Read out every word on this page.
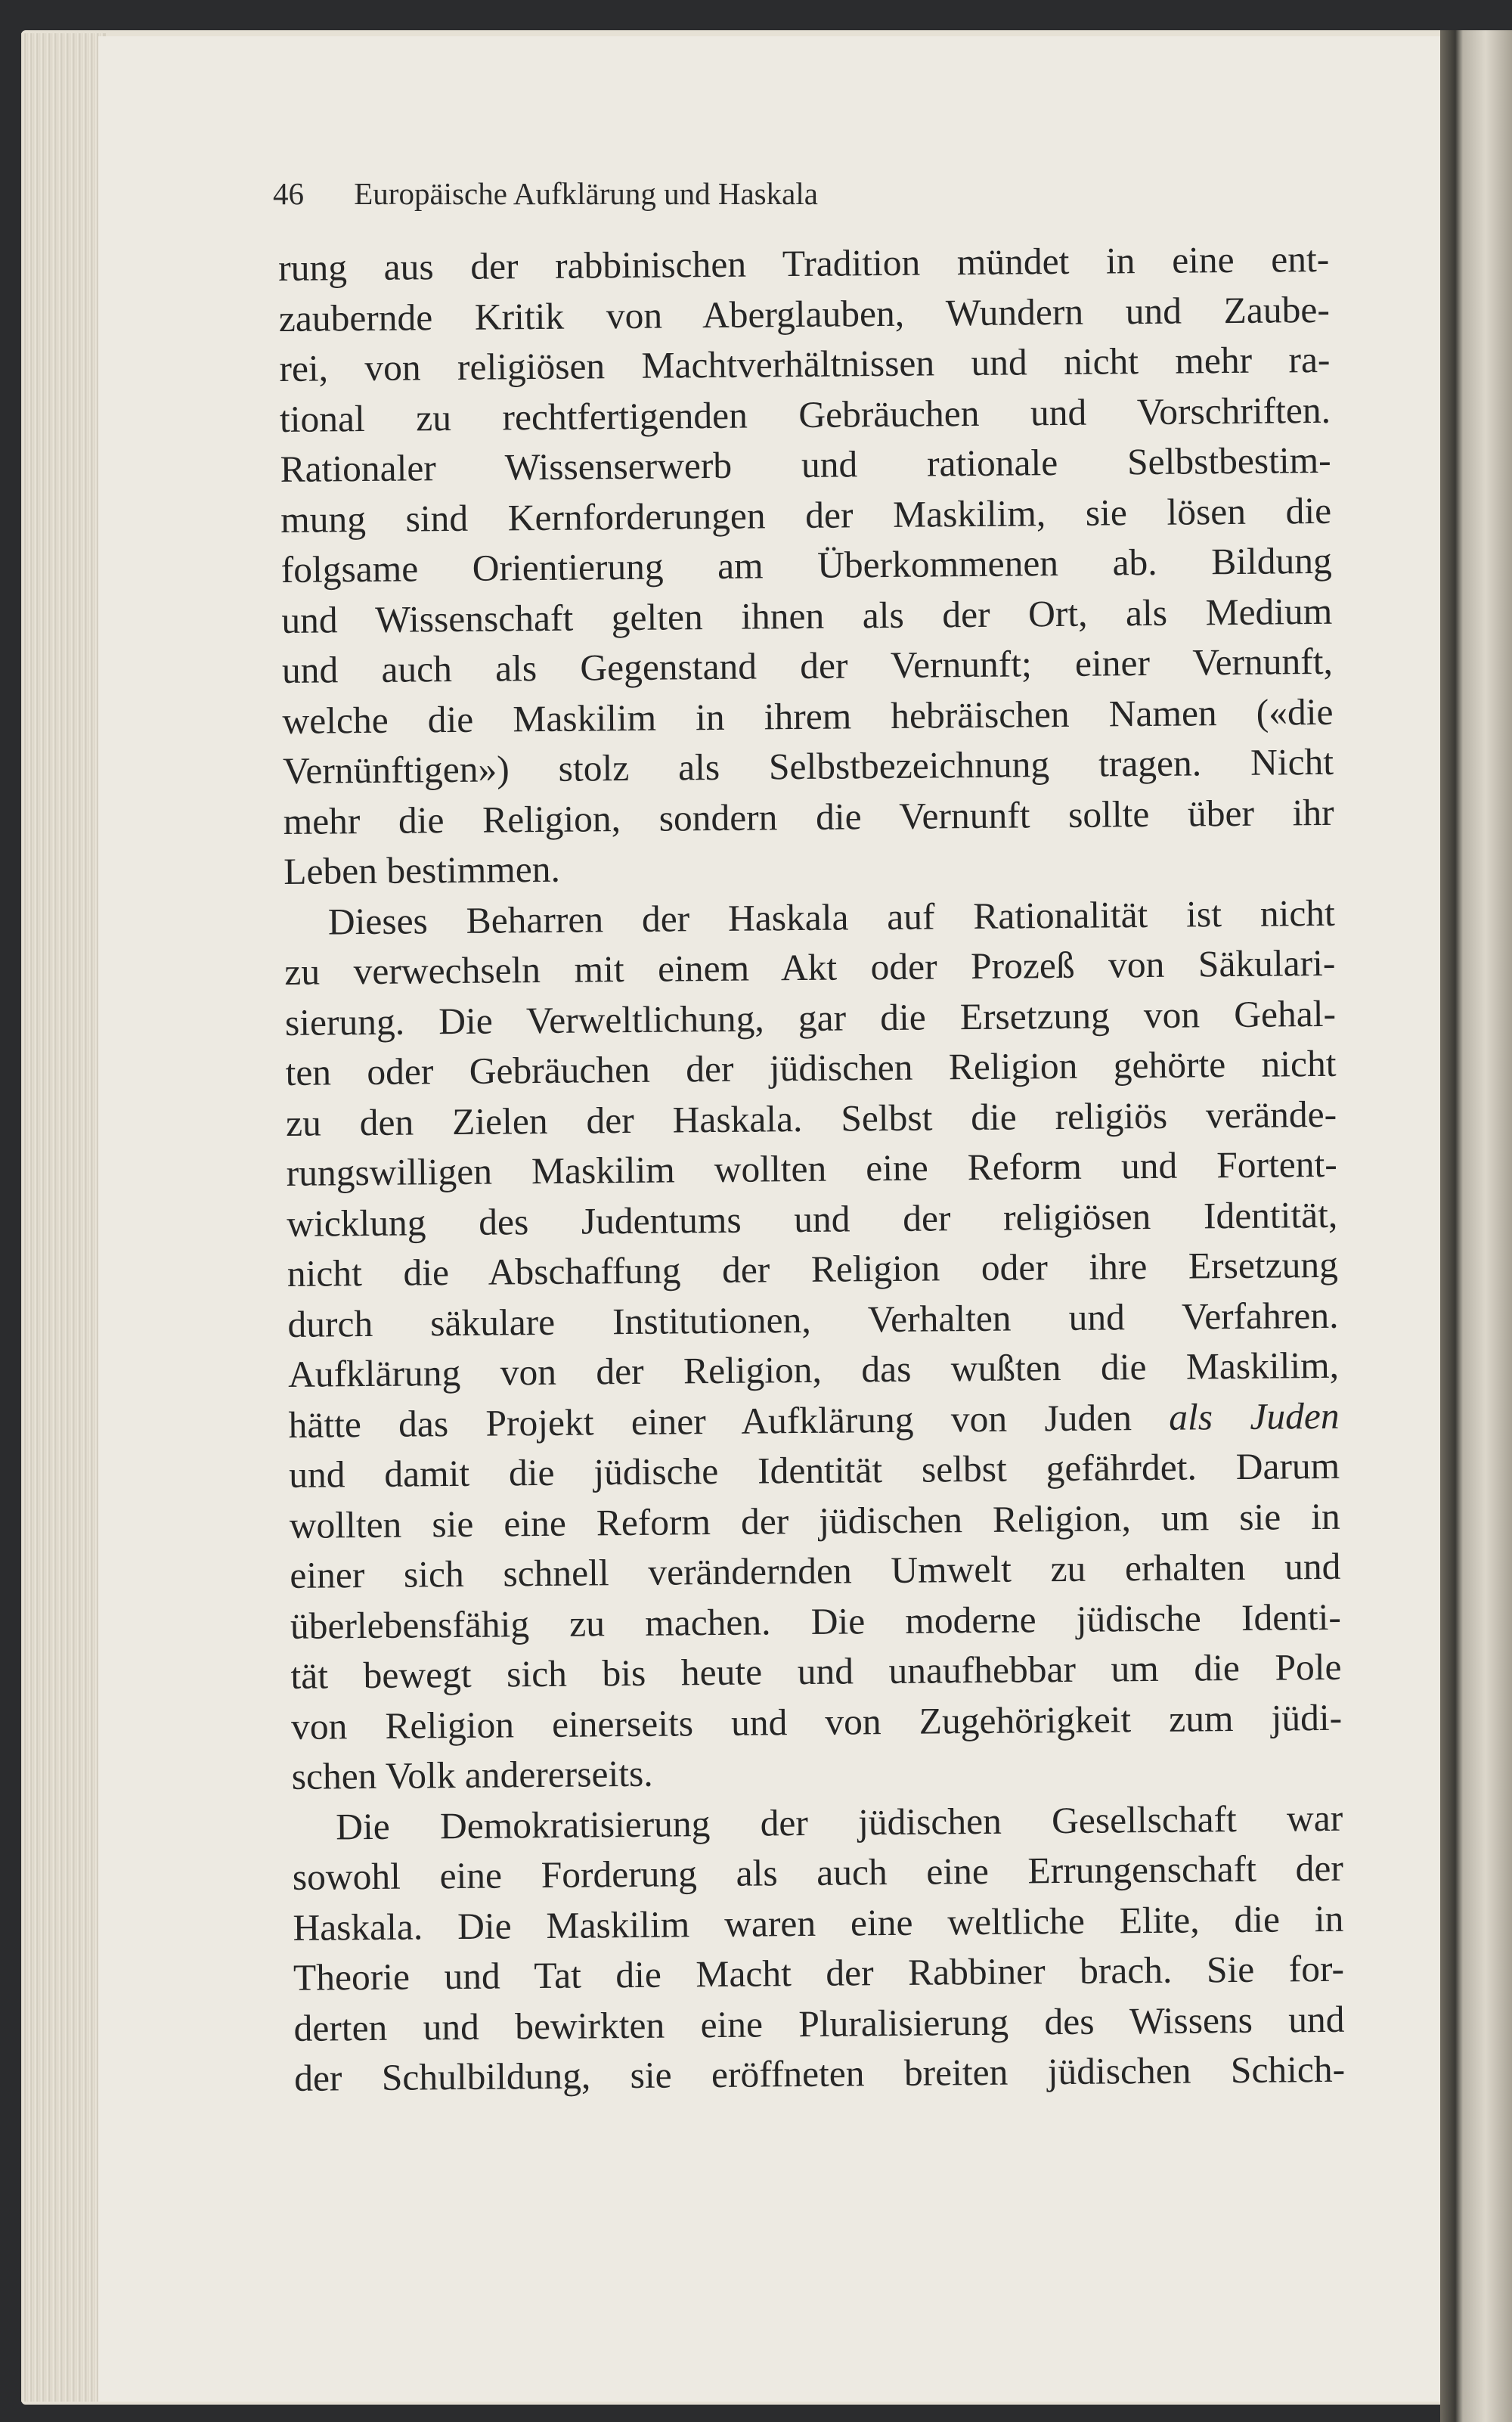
46 Europäische Aufklärung und Haskala
rung aus der rabbinischen Tradition mündet in eine ent-
zaubernde Kritik von Aberglauben, Wundern und Zaube-
rei, von religiösen Machtverhältnissen und nicht mehr ra-
tional zu rechtfertigenden Gebräuchen und Vorschriften.
Rationaler Wissenserwerb und rationale Selbstbestim-
mung sind Kernforderungen der Maskilim, sie lösen die
folgsame Orientierung am Überkommenen ab. Bildung
und Wissenschaft gelten ihnen als der Ort, als Medium
und auch als Gegenstand der Vernunft; einer Vernunft,
welche die Maskilim in ihrem hebräischen Namen («die
Vernünftigen») stolz als Selbstbezeichnung tragen. Nicht
mehr die Religion, sondern die Vernunft sollte über ihr
Leben bestimmen.
Dieses Beharren der Haskala auf Rationalität ist nicht
zu verwechseln mit einem Akt oder Prozeß von Säkulari-
sierung. Die Verweltlichung, gar die Ersetzung von Gehal-
ten oder Gebräuchen der jüdischen Religion gehörte nicht
zu den Zielen der Haskala. Selbst die religiös verände-
rungswilligen Maskilim wollten eine Reform und Fortent-
wicklung des Judentums und der religiösen Identität,
nicht die Abschaffung der Religion oder ihre Ersetzung
durch säkulare Institutionen, Verhalten und Verfahren.
Aufklärung von der Religion, das wußten die Maskilim,
hätte das Projekt einer Aufklärung von Juden als Juden
und damit die jüdische Identität selbst gefährdet. Darum
wollten sie eine Reform der jüdischen Religion, um sie in
einer sich schnell verändernden Umwelt zu erhalten und
überlebensfähig zu machen. Die moderne jüdische Identi-
tät bewegt sich bis heute und unaufhebbar um die Pole
von Religion einerseits und von Zugehörigkeit zum jüdi-
schen Volk andererseits.
Die Demokratisierung der jüdischen Gesellschaft war
sowohl eine Forderung als auch eine Errungenschaft der
Haskala. Die Maskilim waren eine weltliche Elite, die in
Theorie und Tat die Macht der Rabbiner brach. Sie for-
derten und bewirkten eine Pluralisierung des Wissens und
der Schulbildung, sie eröffneten breiten jüdischen Schich-
